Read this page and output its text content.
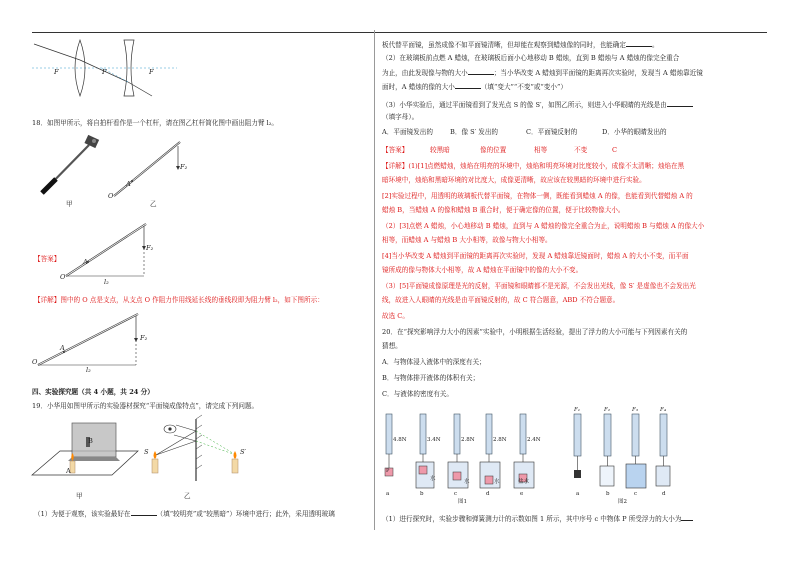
F	F	F
18．如图甲所示，将自拍杆看作是一个杠杆，请在图乙杠杆简化图中画出阻力臂 l₂。
甲
O
A
F₂
乙
【答案】
O
A
F₂
l₂
【详解】图中的 O 点是支点，从支点 O 作阻力作用线延长线的垂线段即为阻力臂 l₂，如下图所示：
O
A
F₂
l₂
四、实验探究题（共 4 小题，共 24 分）
19．小华用如图甲所示的实验器材探究“平面镜成像特点”，请完成下列问题。
B
A
甲
S	S′
乙
（1）为便于观察，该实验最好在	（填“较明亮”或“较黑暗”）环境中进行；此外，采用透明玻璃
板代替平面镜，虽然成像不如平面镜清晰，但却能在观察到蜡烛像的同时，也能确定	。
（2）在玻璃板前点燃 A 蜡烛，在玻璃板后面小心地移动 B 蜡烛，直到 B 蜡烛与 A 蜡烛的像完全重合
为止，由此发现像与物的大小	；当小华改变 A 蜡烛到平面镜的距离再次实验时，发现当 A 蜡烛靠近镜
面时，A 蜡烛的像的大小	（填“变大”“不变”或“变小”）
（3）小华实验后，通过平面镜看到了发光点 S 的像 S′，如图乙所示，则进入小华眼睛的光线是由
（填字母）。
A．平面镜发出的	B．像 S′ 发出的	C．平面镜反射的	D．小华的眼睛发出的
【答案】	较黑暗	像的位置	相等	不变	C
【详解】(1)[1]点燃蜡烛，烛焰在明亮的环境中，烛焰和明亮环境对比度较小，成像不太清晰；烛焰在黑
暗环境中，烛焰和黑暗环境的对比度大，成像更清晰，故应该在较黑暗的环境中进行实验。
[2]实验过程中，用透明的玻璃板代替平面镜，在物体一侧，既能看到蜡烛 A 的像，也能看到代替蜡烛 A 的
蜡烛 B，当蜡烛 A 的像和蜡烛 B 重合时，便于确定像的位置，便于比较物像大小。
（2）[3]点燃 A 蜡烛，小心地移动 B 蜡烛，直到与 A 蜡烛的像完全重合为止，说明蜡烛 B 与蜡烛 A 的像大小
相等，而蜡烛 A 与蜡烛 B 大小相等，故像与物大小相等。
[4]当小华改变 A 蜡烛到平面镜的距离再次实验时，发现 A 蜡烛靠近镜面时，蜡烛 A 的大小不变，而平面
镜所成的像与物体大小相等，故 A 蜡烛在平面镜中的像的大小不变。
（3）[5]平面镜成像原理是光的反射，平面镜和眼睛都不是光源，不会发出光线，像 S′ 是虚像也不会发出光
线，故进入人眼睛的光线是由平面镜反射的，故 C 符合题意，ABD 不符合题意。
故选 C。
20．在“探究影响浮力大小的因素”实验中，小明根据生活经验，提出了浮力的大小可能与下列因素有关的
猜想。
A．与物体浸入液体中的深度有关；
B．与物体排开液体的体积有关；
C．与液体的密度有关。
4.8N	3.4N	2.8N	2.8N	2.4N
P
水	水	水	盐水
a	b	c	d	e
图1
F₁	F₂	F₃	F₄
a	b	c	d
图2
（1）进行探究时，实验步骤和弹簧测力计的示数如图 1 所示，其中序号 c 中物体 P 所受浮力的大小为
